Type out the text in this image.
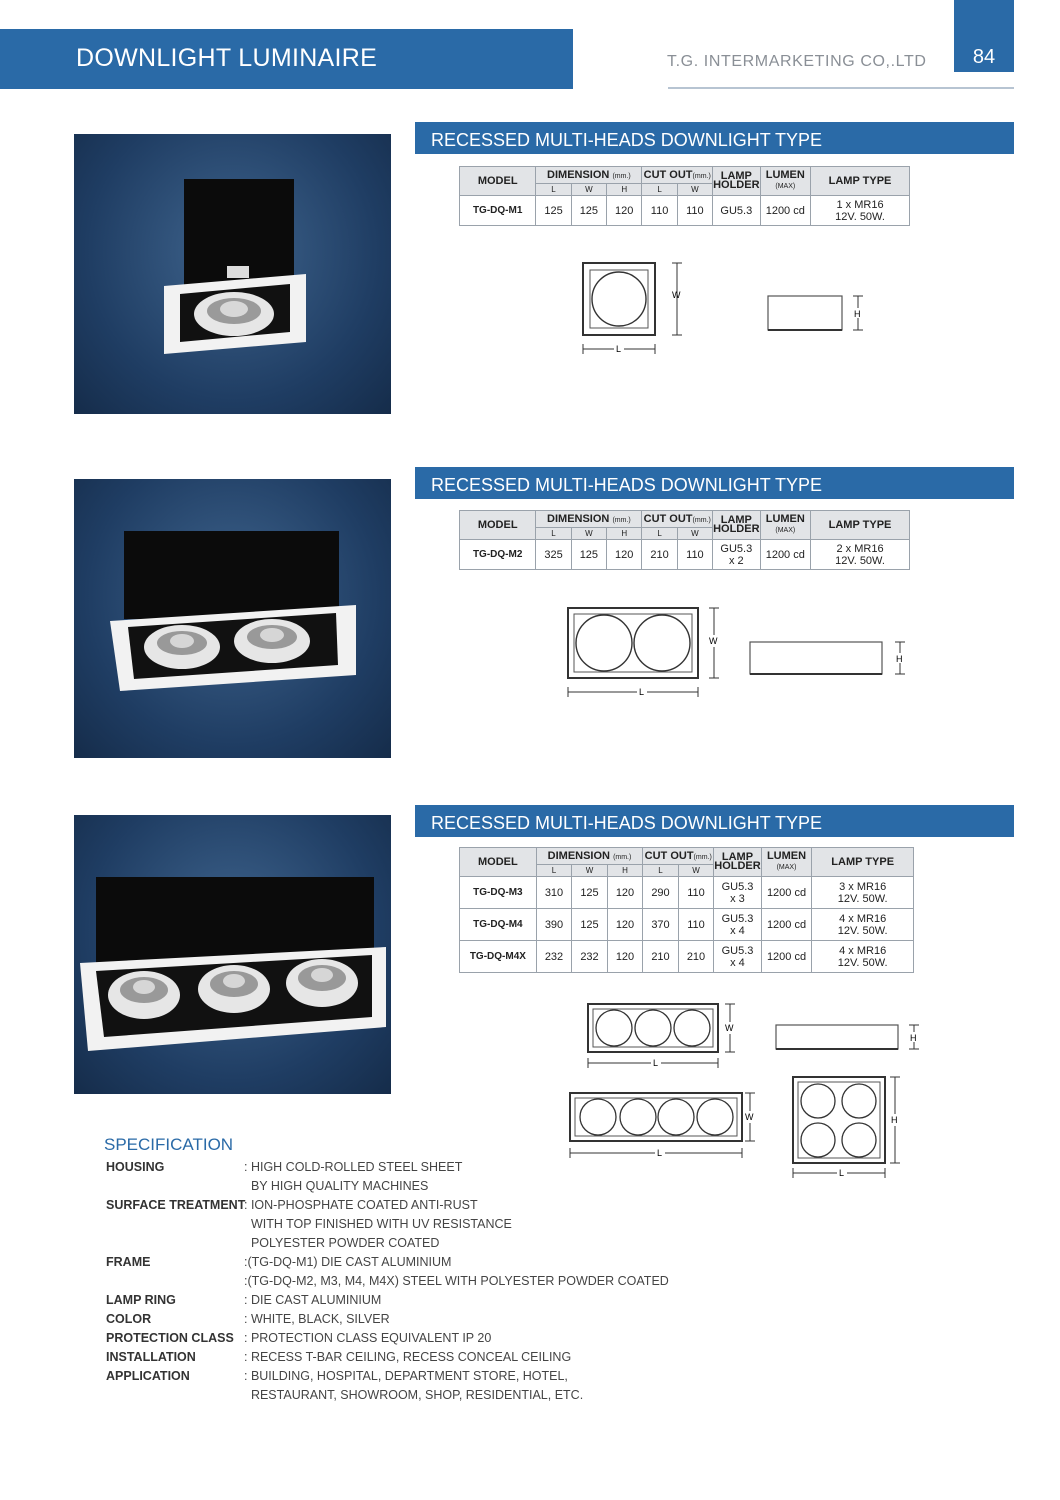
DOWNLIGHT LUMINAIRE	T.G. INTERMARKETING CO,.LTD	84
RECESSED MULTI-HEADS DOWNLIGHT TYPE
MODEL	DIMENSION (mm.)			CUT OUT(mm.)		LAMP
HOLDER	LUMEN
(MAX)	LAMP TYPE
	L	W	H	L	W			
TG-DQ-M1	125	125	120	110	110	GU5.3	1200 cd	1 x MR16
12V. 50W.
W
L
H
RECESSED MULTI-HEADS DOWNLIGHT TYPE
MODEL	DIMENSION (mm.)			CUT OUT(mm.)		LAMP
HOLDER	LUMEN
(MAX)	LAMP TYPE
	L	W	H	L	W			
TG-DQ-M2	325	125	120	210	110	GU5.3
x 2	1200 cd	2 x MR16
12V. 50W.
W
L
H
RECESSED MULTI-HEADS DOWNLIGHT TYPE
MODEL	DIMENSION (mm.)			CUT OUT(mm.)		LAMP
HOLDER	LUMEN
(MAX)	LAMP TYPE
	L	W	H	L	W			
TG-DQ-M3	310	125	120	290	110	GU5.3
x 3	1200 cd	3 x MR16
12V. 50W.
TG-DQ-M4	390	125	120	370	110	GU5.3
x 4	1200 cd	4 x MR16
12V. 50W.
TG-DQ-M4X	232	232	120	210	210	GU5.3
x 4	1200 cd	4 x MR16
12V. 50W.
W
L
H
W
L
H
L
SPECIFICATION
HOUSING	: HIGH COLD-ROLLED STEEL SHEET
BY HIGH QUALITY MACHINES
SURFACE TREATMENT
: ION-PHOSPHATE COATED ANTI-RUST
WITH TOP FINISHED WITH UV RESISTANCE
POLYESTER POWDER COATED
FRAME	:(TG-DQ-M1) DIE CAST ALUMINIUM
:(TG-DQ-M2, M3, M4, M4X) STEEL WITH POLYESTER POWDER COATED
LAMP RING	: DIE CAST ALUMINIUM
COLOR	: WHITE, BLACK, SILVER
PROTECTION CLASS : PROTECTION CLASS EQUIVALENT IP 20
INSTALLATION	: RECESS T-BAR CEILING, RECESS CONCEAL CEILING
APPLICATION	: BUILDING, HOSPITAL, DEPARTMENT STORE, HOTEL,
RESTAURANT, SHOWROOM, SHOP, RESIDENTIAL, ETC.
